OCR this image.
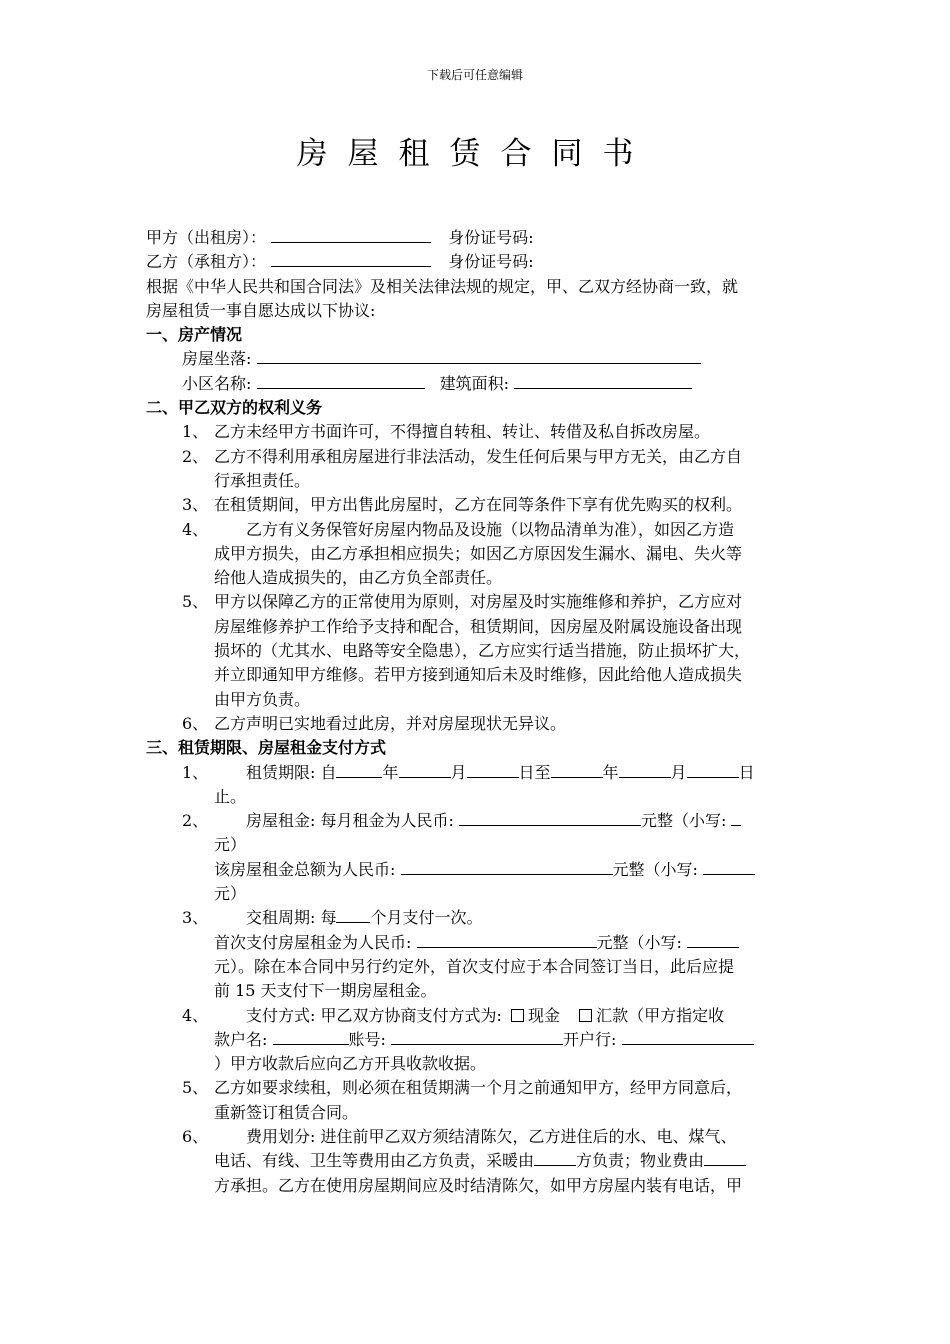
下载后可任意编辑
房屋租赁合同书
甲方（出租房）：	身份证号码:
乙方（承租方）：	身份证号码:
根据《中华人民共和国合同法》及相关法律法规的规定，甲、乙双方经协商一致，就
房屋租赁一事自愿达成以下协议:
一、房产情况
房屋坐落:
小区名称:	建筑面积:
二、甲乙双方的权利义务
1、 乙方未经甲方书面许可，不得擅自转租、转让、转借及私自拆改房屋。
2、 乙方不得利用承租房屋进行非法活动，发生任何后果与甲方无关，由乙方自
行承担责任。
3、 在租赁期间，甲方出售此房屋时，乙方在同等条件下享有优先购买的权利。
4、	乙方有义务保管好房屋内物品及设施（以物品清单为准），如因乙方造
成甲方损失，由乙方承担相应损失；如因乙方原因发生漏水、漏电、失火等
给他人造成损失的，由乙方负全部责任。
5、 甲方以保障乙方的正常使用为原则，对房屋及时实施维修和养护，乙方应对
房屋维修养护工作给予支持和配合，租赁期间，因房屋及附属设施设备出现
损坏的（尤其水、电路等安全隐患），乙方应实行适当措施，防止损坏扩大，
并立即通知甲方维修。若甲方接到通知后未及时维修，因此给他人造成损失
由甲方负责。
6、 乙方声明已实地看过此房，并对房屋现状无异议。
三、租赁期限、房屋租金支付方式
1、	租赁期限: 自	年	月	日至	年	月	日
止。
2、	房屋租金: 每月租金为人民币:	元整（小写:
元）
该房屋租金总额为人民币:	元整（小写:
元）
3、	交租周期: 每 个月支付一次。
首次支付房屋租金为人民币:	元整（小写:
元）。除在本合同中另行约定外，首次支付应于本合同签订当日，此后应提
前 15 天支付下一期房屋租金。
4、	支付方式: 甲乙双方协商支付方式为: 现金 汇款（甲方指定收
款户名:	账号:	开户行:
）甲方收款后应向乙方开具收款收据。
5、 乙方如要求续租，则必须在租赁期满一个月之前通知甲方，经甲方同意后，
重新签订租赁合同。
6、	费用划分: 进住前甲乙双方须结清陈欠，乙方进住后的水、电、煤气、
电话、有线、卫生等费用由乙方负责，采暖由	方负责；物业费由
方承担。乙方在使用房屋期间应及时结清陈欠，如甲方房屋内装有电话，甲
